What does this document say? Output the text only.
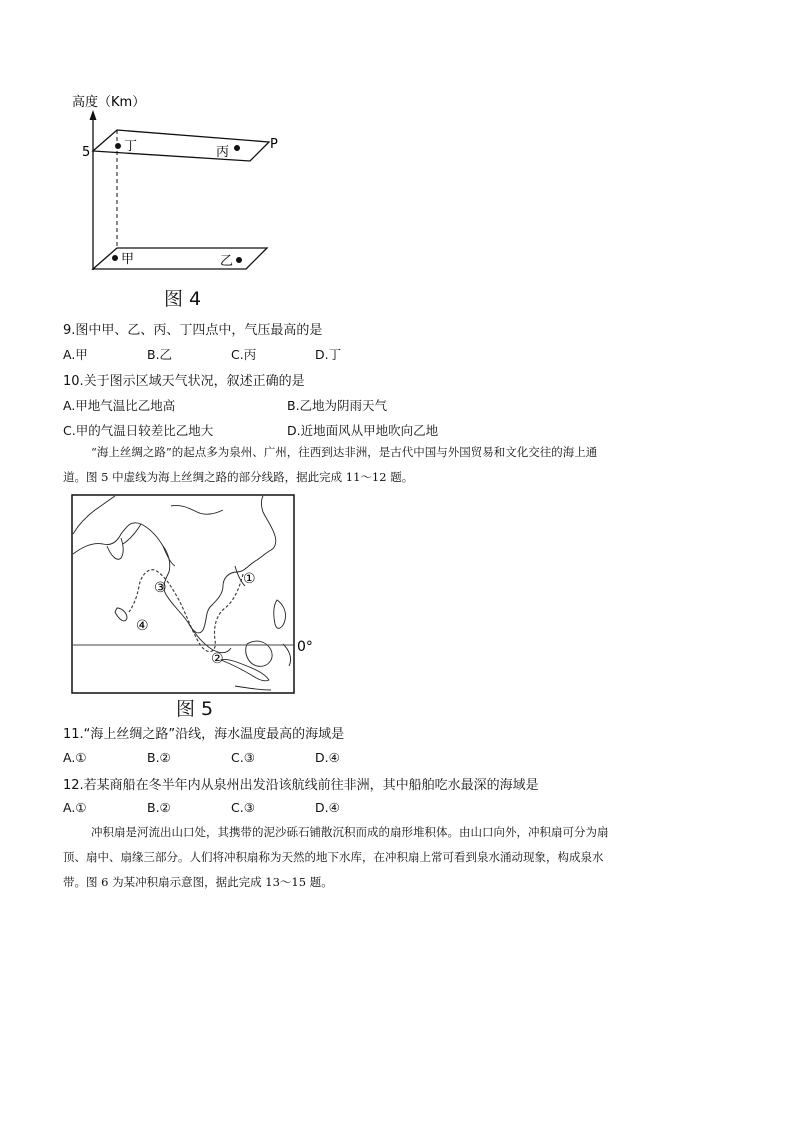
高度（Km）
5
P
丁	丙
甲	乙
图 4
9.图中甲、乙、丙、丁四点中，气压最高的是
A.甲	B.乙	C.丙	D.丁
10.关于图示区域天气状况，叙述正确的是
A.甲地气温比乙地高	B.乙地为阴雨天气
C.甲的气温日较差比乙地大	D.近地面风从甲地吹向乙地
“海上丝绸之路”的起点多为泉州、广州，往西到达非洲，是古代中国与外国贸易和文化交往的海上通
道。图 5 中虚线为海上丝绸之路的部分线路，据此完成 11～12 题。
①
②
③
④
0°
图 5
11.“海上丝绸之路”沿线，海水温度最高的海域是
A.①	B.②	C.③	D.④
12.若某商船在冬半年内从泉州出发沿该航线前往非洲，其中船舶吃水最深的海域是
A.①	B.②	C.③	D.④
冲积扇是河流出山口处，其携带的泥沙砾石铺散沉积而成的扇形堆积体。由山口向外，冲积扇可分为扇
顶、扇中、扇缘三部分。人们将冲积扇称为天然的地下水库，在冲积扇上常可看到泉水涌动现象，构成泉水
带。图 6 为某冲积扇示意图，据此完成 13～15 题。
